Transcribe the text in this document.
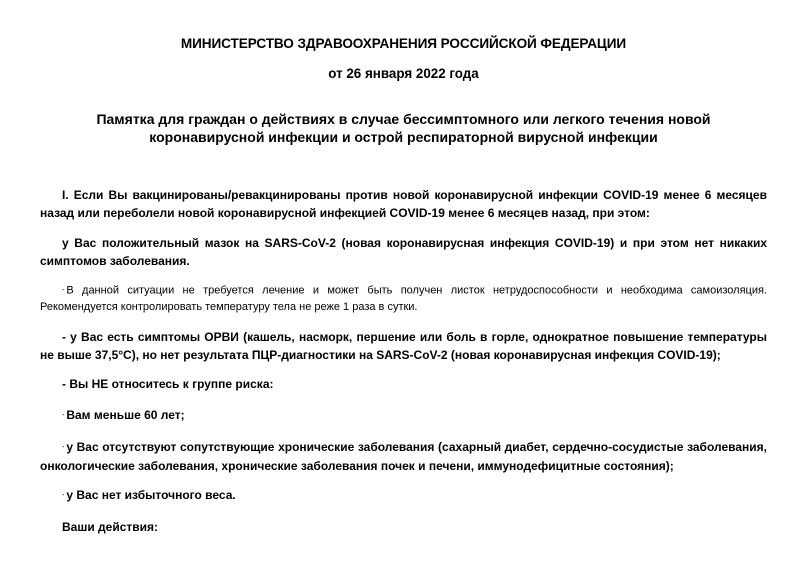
МИНИСТЕРСТВО ЗДРАВООХРАНЕНИЯ РОССИЙСКОЙ ФЕДЕРАЦИИ
от 26 января 2022 года
Памятка для граждан о действиях в случае бессимптомного или легкого течения новой коронавирусной инфекции и острой респираторной вирусной инфекции
I. Если Вы вакцинированы/ревакцинированы против новой коронавирусной инфекции COVID-19 менее 6 месяцев назад или переболели новой коронавирусной инфекцией COVID-19 менее 6 месяцев назад, при этом:
у Вас положительный мазок на SARS-CoV-2 (новая коронавирусная инфекция COVID-19) и при этом нет никаких симптомов заболевания.
- В данной ситуации не требуется лечение и может быть получен листок нетрудоспособности и необходима самоизоляция. Рекомендуется контролировать температуру тела не реже 1 раза в сутки.
- у Вас есть симптомы ОРВИ (кашель, насморк, першение или боль в горле, однократное повышение температуры не выше 37,5°С), но нет результата ПЦР-диагностики на SARS-CoV-2 (новая коронавирусная инфекция COVID-19);
- Вы НЕ относитесь к группе риска:
- Вам меньше 60 лет;
- у Вас отсутствуют сопутствующие хронические заболевания (сахарный диабет, сердечно-сосудистые заболевания, онкологические заболевания, хронические заболевания почек и печени, иммунодефицитные состояния);
- у Вас нет избыточного веса.
Ваши действия:
